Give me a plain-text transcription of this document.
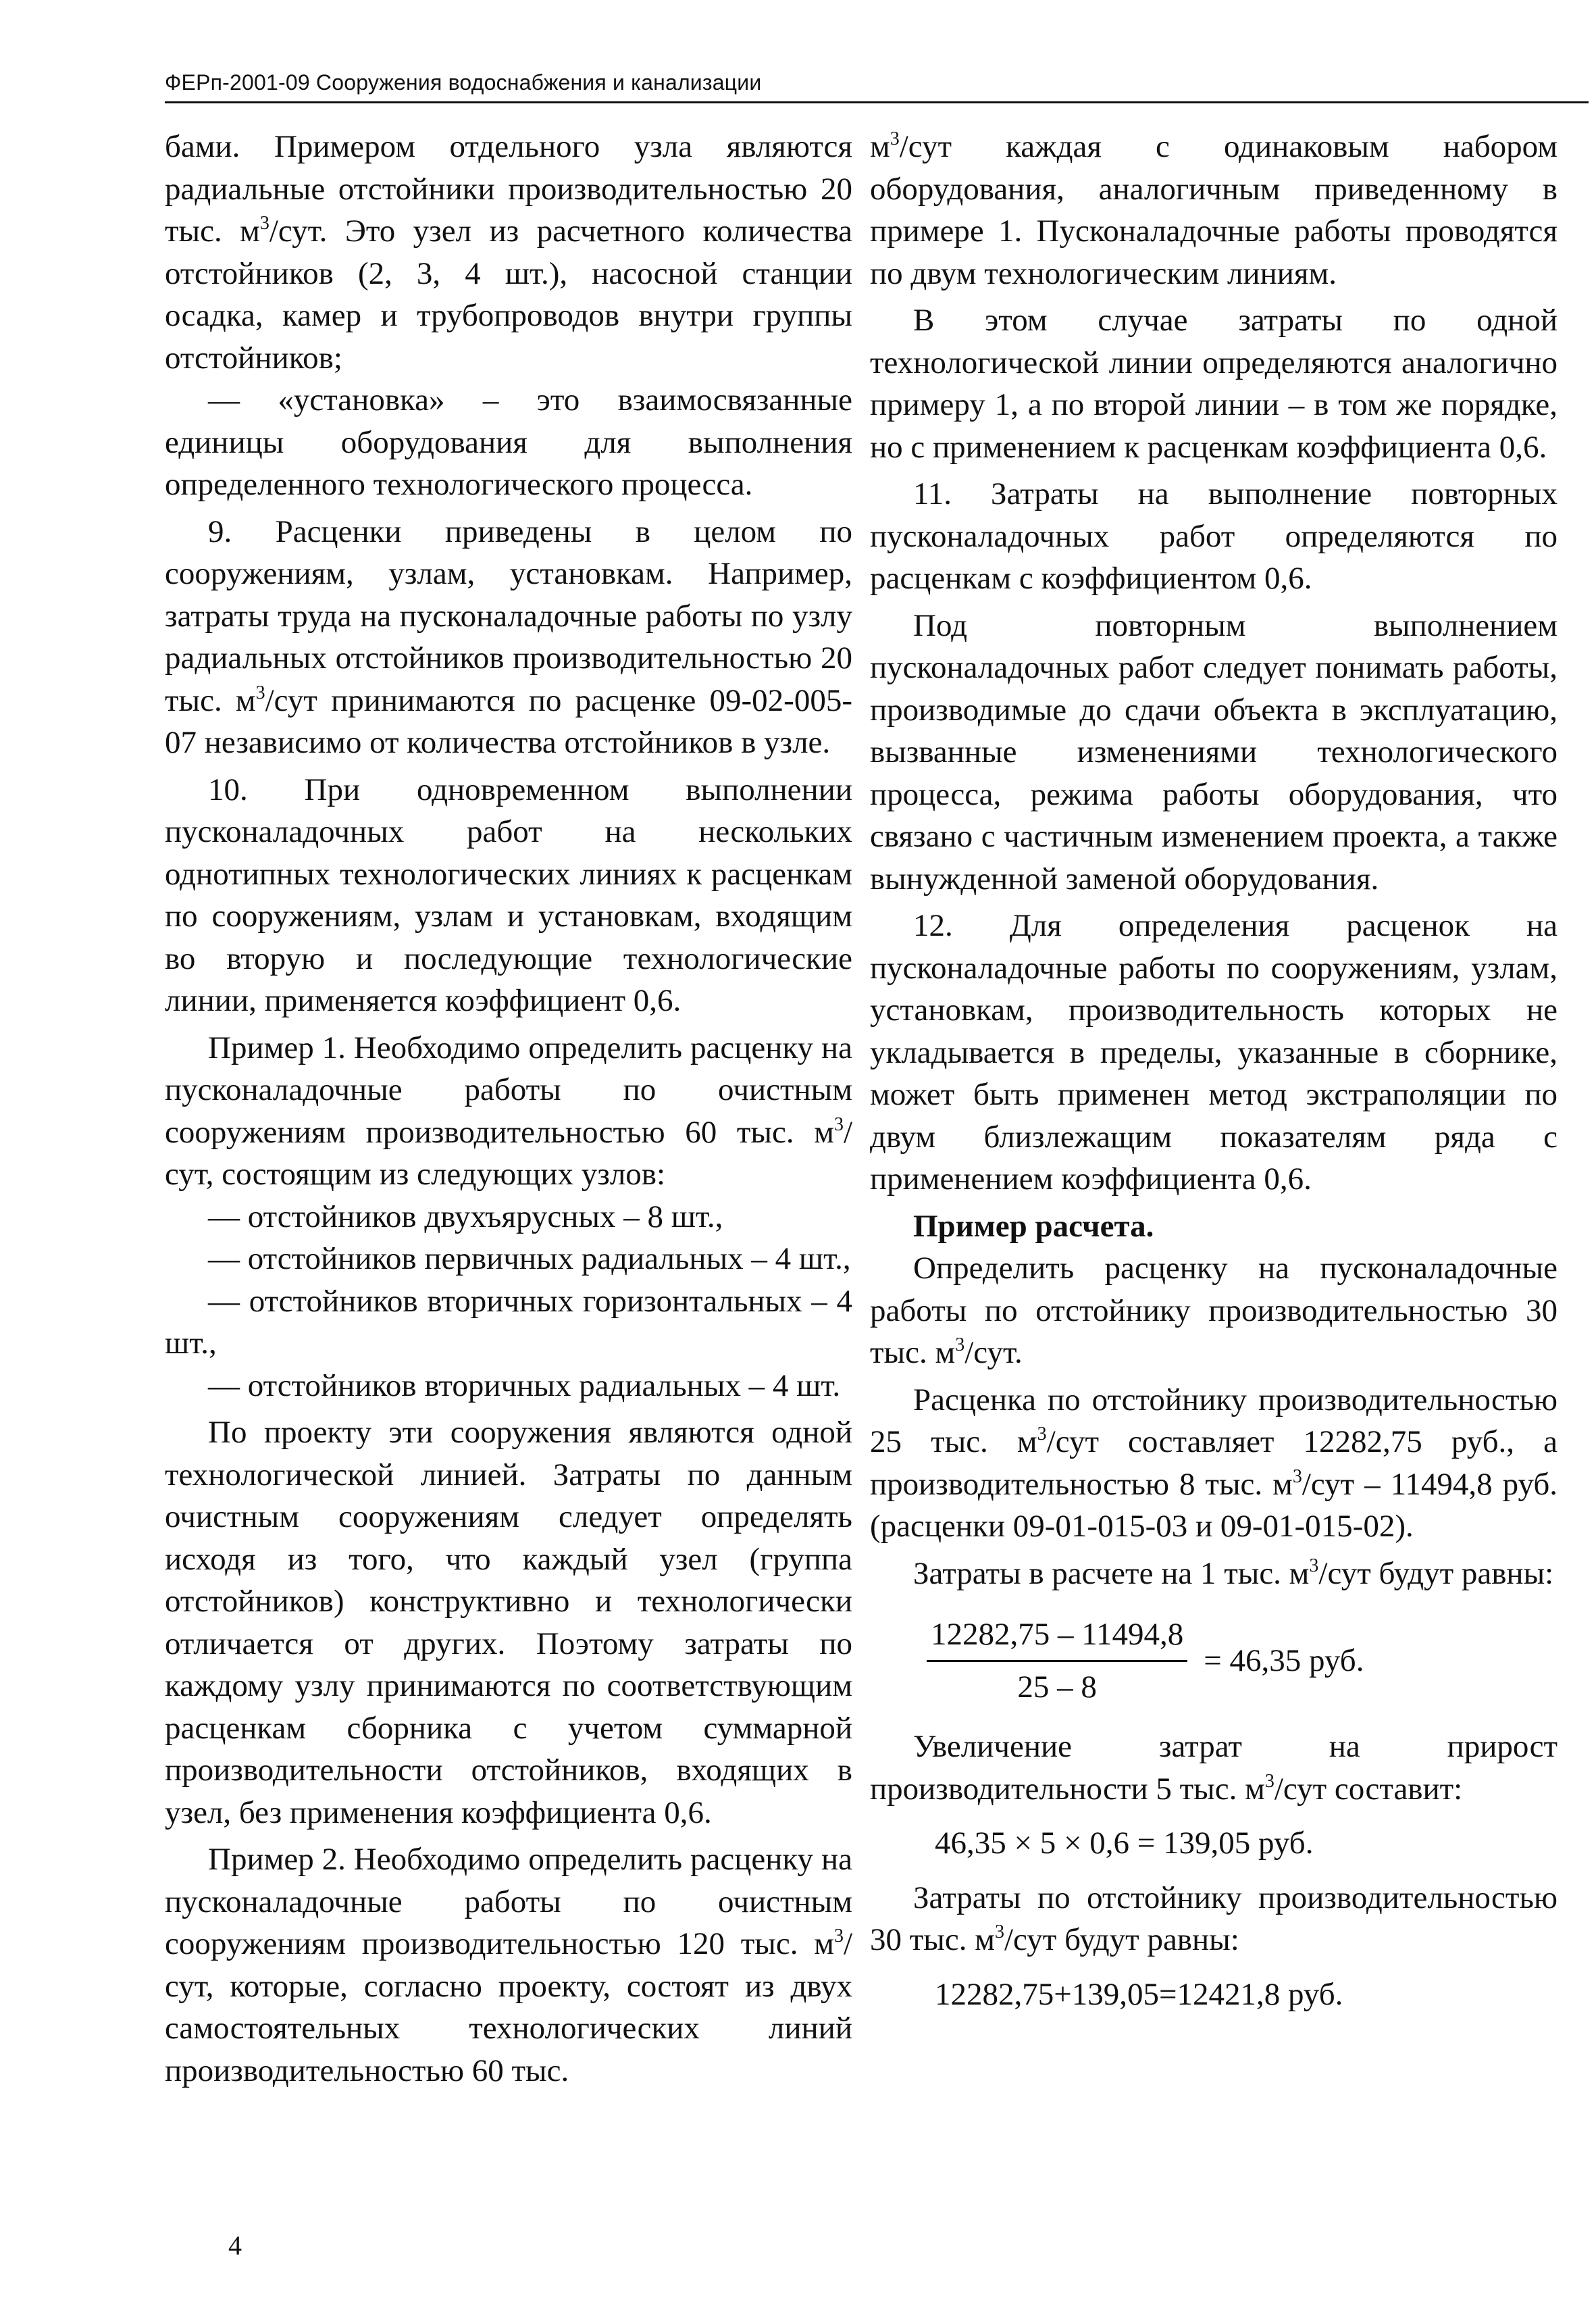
ФЕРп-2001-09 Сооружения водоснабжения и канализации

бами. Примером отдельного узла являются радиальные отстойники производительностью 20 тыс. $м^3$/сут. Это узел из расчетного количества отстойников (2, 3, 4 шт.), насосной станции осадка, камер и трубопроводов внутри группы отстойников;

— «установка» – это взаимосвязанные единицы оборудования для выполнения определенного технологического процесса.

9. Расценки приведены в целом по сооружениям, узлам, установкам. Например, затраты труда на пусконаладочные работы по узлу радиальных отстойников производительностью 20 тыс. $м^3$/сут принимаются по расценке 09-02-005-07 независимо от количества отстойников в узле.

10. При одновременном выполнении пусконаладочных работ на нескольких однотипных технологических линиях к расценкам по сооружениям, узлам и установкам, входящим во вторую и последующие технологические линии, применяется коэффициент 0,6.

Пример 1. Необходимо определить расценку на пусконаладочные работы по очистным сооружениям производительностью 60 тыс. $м^3$/сут, состоящим из следующих узлов:

— отстойников двухъярусных – 8 шт.,

— отстойников первичных радиальных – 4 шт.,

— отстойников вторичных горизонтальных – 4 шт.,

— отстойников вторичных радиальных – 4 шт.

По проекту эти сооружения являются одной технологической линией. Затраты по данным очистным сооружениям следует определять исходя из того, что каждый узел (группа отстойников) конструктивно и технологически отличается от других. Поэтому затраты по каждому узлу принимаются по соответствующим расценкам сборника с учетом суммарной производительности отстойников, входящих в узел, без применения коэффициента 0,6.

Пример 2. Необходимо определить расценку на пусконаладочные работы по очистным сооружениям производительностью 120 тыс. $м^3$/сут, которые, согласно проекту, состоят из двух самостоятельных технологических линий производительностью 60 тыс.

$м^3$/сут каждая с одинаковым набором оборудования, аналогичным приведенному в примере 1. Пусконаладочные работы проводятся по двум технологическим линиям.

В этом случае затраты по одной технологической линии определяются аналогично примеру 1, а по второй линии – в том же порядке, но с применением к расценкам коэффициента 0,6.

11. Затраты на выполнение повторных пусконаладочных работ определяются по расценкам с коэффициентом 0,6.

Под повторным выполнением пусконаладочных работ следует понимать работы, производимые до сдачи объекта в эксплуатацию, вызванные изменениями технологического процесса, режима работы оборудования, что связано с частичным изменением проекта, а также вынужденной заменой оборудования.

12. Для определения расценок на пусконаладочные работы по сооружениям, узлам, установкам, производительность которых не укладывается в пределы, указанные в сборнике, может быть применен метод экстраполяции по двум близлежащим показателям ряда с применением коэффициента 0,6.

Пример расчета.

Определить расценку на пусконаладочные работы по отстойнику производительностью 30 тыс. $м^3$/сут.

Расценка по отстойнику производительностью 25 тыс. $м^3$/сут составляет 12282,75 руб., а производительностью 8 тыс. $м^3$/сут – 11494,8 руб. (расценки 09-01-015-03 и 09-01-015-02).

Затраты в расчете на 1 тыс. $м^3$/сут будут равны:

$\frac{12282,75 - 11494,8}{25 - 8} = 46,35$ руб.

Увеличение затрат на прирост производительности 5 тыс. $м^3$/сут составит:

46,35 × 5 × 0,6 = 139,05 руб.

Затраты по отстойнику производительностью 30 тыс. $м^3$/сут будут равны:

12282,75+139,05=12421,8 руб.

4
